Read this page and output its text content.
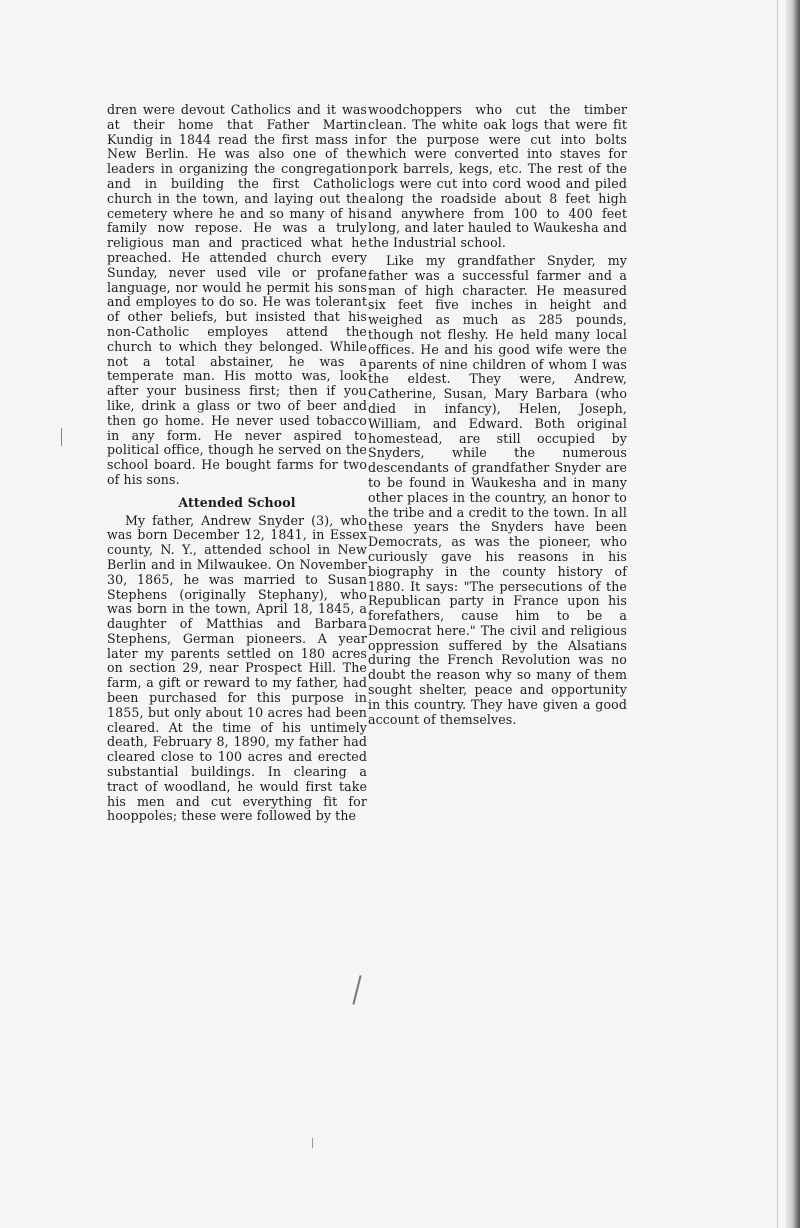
dren were devout Catholics and it was at their home that Father Martin Kundig in 1844 read the first mass in New Berlin. He was also one of the leaders in organizing the congregation and in building the first Catholic church in the town, and laying out the cemetery where he and so many of his family now repose. He was a truly religious man and practiced what he preached. He attended church every Sunday, never used vile or profane language, nor would he permit his sons and employes to do so. He was tolerant of other beliefs, but insisted that his non-Catholic employes attend the church to which they belonged. While not a total abstainer, he was a temperate man. His motto was, look after your business first; then if you like, drink a glass or two of beer and then go home. He never used tobacco in any form. He never aspired to political office, though he served on the school board. He bought farms for two of his sons.

Attended School

My father, Andrew Snyder (3), who was born December 12, 1841, in Essex county, N. Y., attended school in New Berlin and in Milwaukee. On November 30, 1865, he was married to Susan Stephens (originally Stephany), who was born in the town, April 18, 1845, a daughter of Matthias and Barbara Stephens, German pioneers. A year later my parents settled on 180 acres on section 29, near Prospect Hill. The farm, a gift or reward to my father, had been purchased for this purpose in 1855, but only about 10 acres had been cleared. At the time of his untimely death, February 8, 1890, my father had cleared close to 100 acres and erected substantial buildings. In clearing a tract of woodland, he would first take his men and cut everything fit for hooppoles; these were followed by the

woodchoppers who cut the timber clean. The white oak logs that were fit for the purpose were cut into bolts which were converted into staves for pork barrels, kegs, etc. The rest of the logs were cut into cord wood and piled along the roadside about 8 feet high and anywhere from 100 to 400 feet long, and later hauled to Waukesha and the Industrial school.

Like my grandfather Snyder, my father was a successful farmer and a man of high character. He measured six feet five inches in height and weighed as much as 285 pounds, though not fleshy. He held many local offices. He and his good wife were the parents of nine children of whom I was the eldest. They were, Andrew, Catherine, Susan, Mary Barbara (who died in infancy), Helen, Joseph, William, and Edward. Both original homestead, are still occupied by Snyders, while the numerous descendants of grandfather Snyder are to be found in Waukesha and in many other places in the country, an honor to the tribe and a credit to the town. In all these years the Snyders have been Democrats, as was the pioneer, who curiously gave his reasons in his biography in the county history of 1880. It says: "The persecutions of the Republican party in France upon his forefathers, cause him to be a Democrat here." The civil and religious oppression suffered by the Alsatians during the French Revolution was no doubt the reason why so many of them sought shelter, peace and opportunity in this country. They have given a good account of themselves.
